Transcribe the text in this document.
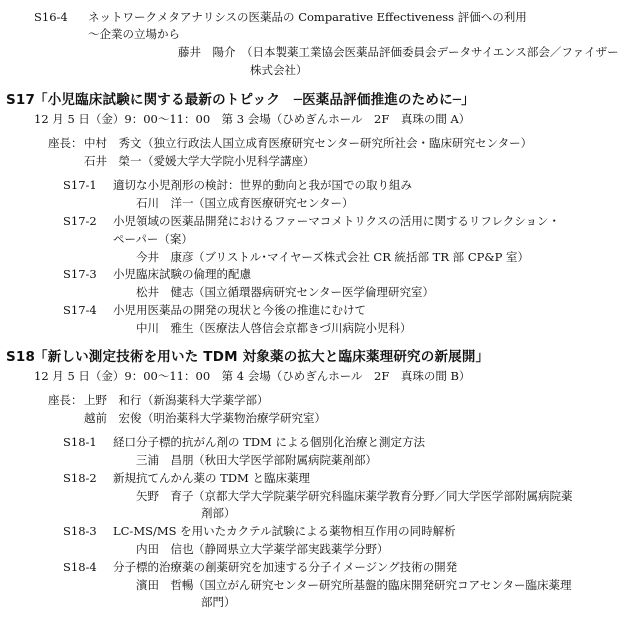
S16-4 ネットワークメタアナリシスの医薬品の Comparative Effectiveness 評価への利用
～企業の立場から
藤井　陽介 （日本製薬工業協会医薬品評価委員会データサイエンス部会／ファイザー
株式会社）
S17
「小児臨床試験に関する最新のトピック　─医薬品評価推進のために─」
12 月 5 日（金）9：00～11：00　第 3 会場（ひめぎんホール　2F　真珠の間 A）
座長： 中村　秀文 （独立行政法人国立成育医療研究センター研究所社会・臨床研究センター）
石井　榮一 （愛媛大学大学院小児科学講座）
S17-1 適切な小児剤形の検討：世界的動向と我が国での取り組み
石川　洋一 （国立成育医療研究センター）
S17-2 小児領域の医薬品開発におけるファーマコメトリクスの活用に関するリフレクション・
ペーパー（案）
今井　康彦 （ブリストル･マイヤーズ株式会社 CR 統括部 TR 部 CP&P 室）
S17-3 小児臨床試験の倫理的配慮
松井　健志 （国立循環器病研究センター医学倫理研究室）
S17-4 小児用医薬品の開発の現状と今後の推進にむけて
中川　雅生 （医療法人啓信会京都きづ川病院小児科）
S18
「新しい測定技術を用いた TDM 対象薬の拡大と臨床薬理研究の新展開」
12 月 5 日（金）9：00～11：00　第 4 会場（ひめぎんホール　2F　真珠の間 B）
座長： 上野　和行 （新潟薬科大学薬学部）
越前　宏俊 （明治薬科大学薬物治療学研究室）
S18-1 経口分子標的抗がん剤の TDM による個別化治療と測定方法
三浦　昌朋 （秋田大学医学部附属病院薬剤部）
S18-2 新規抗てんかん薬の TDM と臨床薬理
矢野　育子 （京都大学大学院薬学研究科臨床薬学教育分野／同大学医学部附属病院薬
剤部）
S18-3 LC-MS/MS を用いたカクテル試験による薬物相互作用の同時解析
内田　信也 （静岡県立大学薬学部実践薬学分野）
S18-4 分子標的治療薬の創薬研究を加速する分子イメージング技術の開発
濱田　哲暢 （国立がん研究センター研究所基盤的臨床開発研究コアセンター臨床薬理
部門）
